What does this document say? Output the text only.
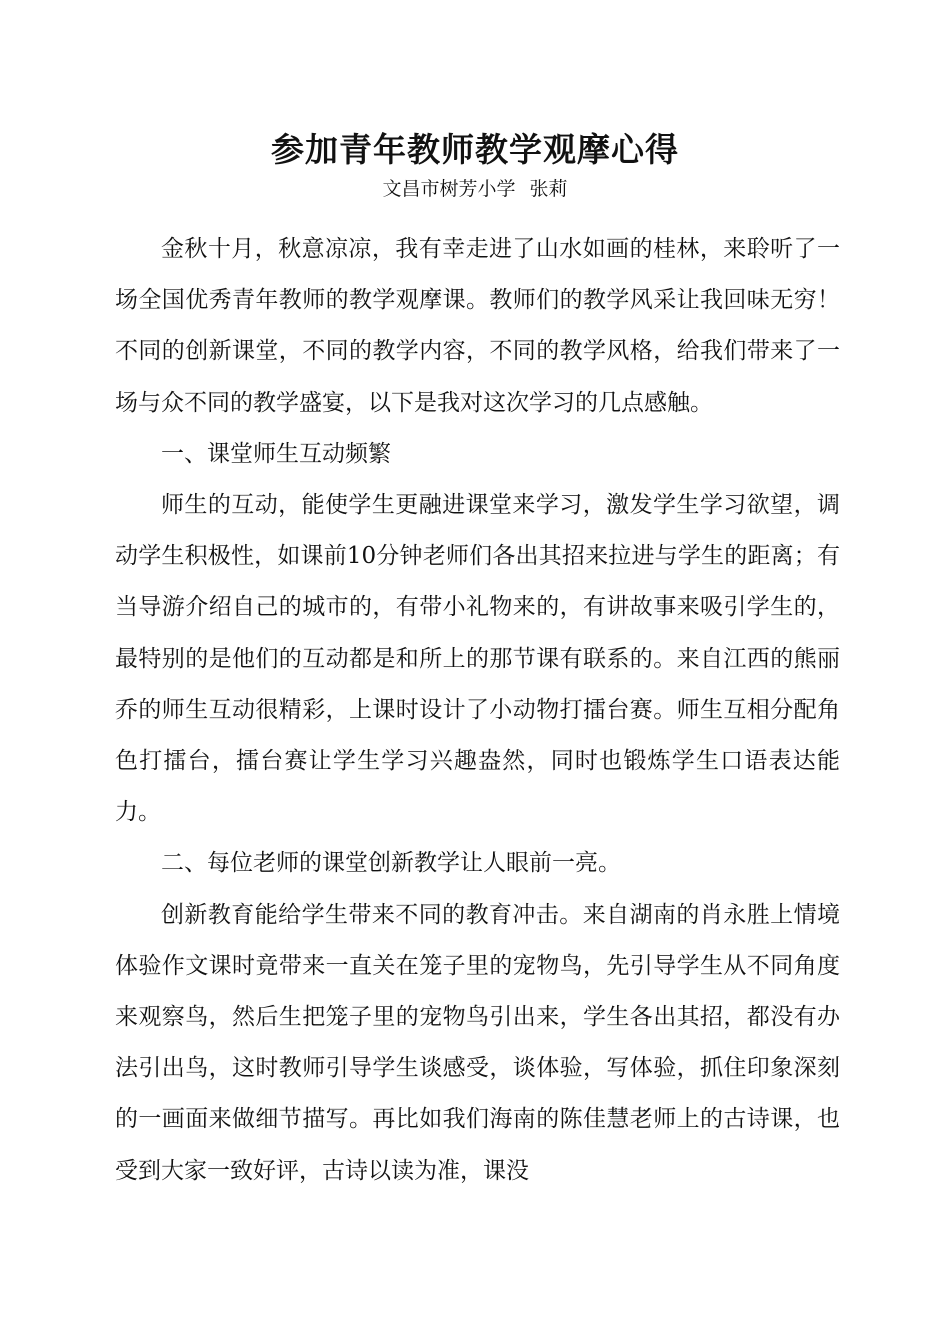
参加青年教师教学观摩心得
文昌市树芳小学 张莉

金秋十月，秋意凉凉，我有幸走进了山水如画的桂林，来聆听了一场全国优秀青年教师的教学观摩课。教师们的教学风采让我回味无穷！不同的创新课堂，不同的教学内容，不同的教学风格，给我们带来了一场与众不同的教学盛宴，以下是我对这次学习的几点感触。

一、课堂师生互动频繁

师生的互动，能使学生更融进课堂来学习，激发学生学习欲望，调动学生积极性，如课前10分钟老师们各出其招来拉进与学生的距离；有当导游介绍自己的城市的，有带小礼物来的，有讲故事来吸引学生的，最特别的是他们的互动都是和所上的那节课有联系的。来自江西的熊丽乔的师生互动很精彩，上课时设计了小动物打擂台赛。师生互相分配角色打擂台，擂台赛让学生学习兴趣盎然，同时也锻炼学生口语表达能力。

二、每位老师的课堂创新教学让人眼前一亮。

创新教育能给学生带来不同的教育冲击。来自湖南的肖永胜上情境体验作文课时竟带来一直关在笼子里的宠物鸟，先引导学生从不同角度来观察鸟，然后生把笼子里的宠物鸟引出来，学生各出其招，都没有办法引出鸟，这时教师引导学生谈感受，谈体验，写体验，抓住印象深刻的一画面来做细节描写。再比如我们海南的陈佳慧老师上的古诗课，也受到大家一致好评，古诗以读为准，课没
